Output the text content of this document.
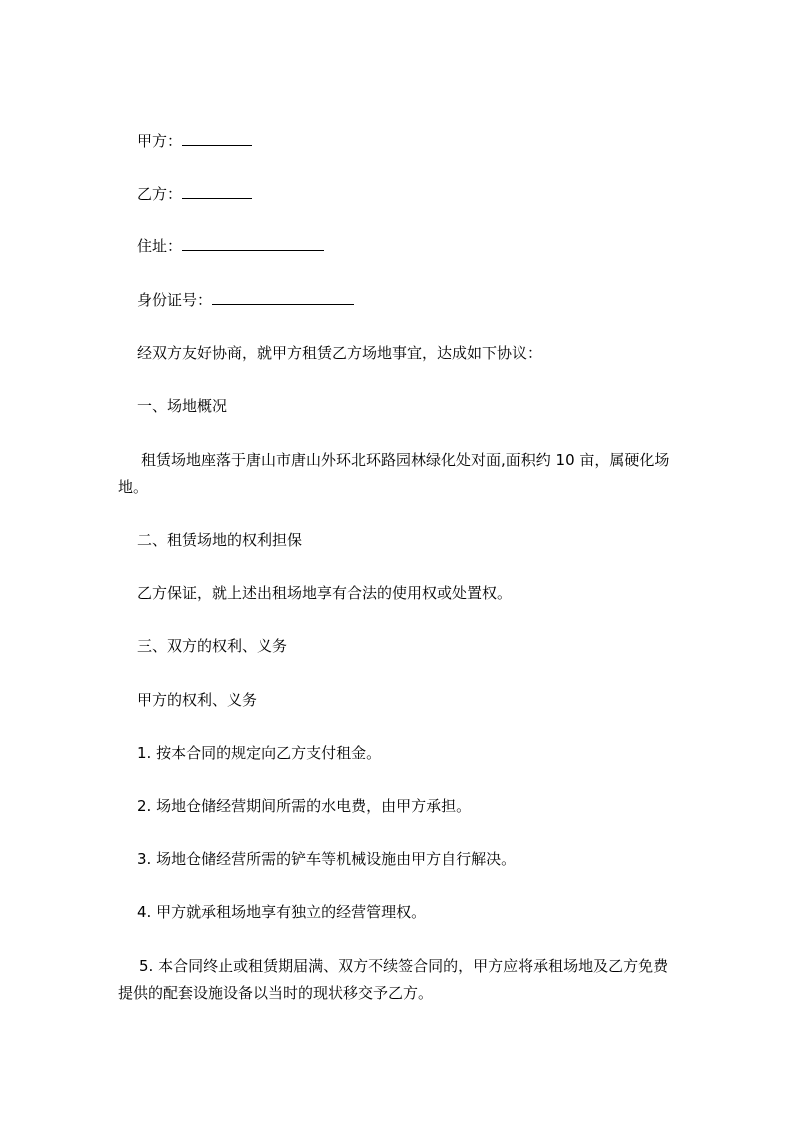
甲方：
乙方：
住址：
身份证号：
经双方友好协商，就甲方租赁乙方场地事宜，达成如下协议：
一、场地概况
租赁场地座落于唐山市唐山外环北环路园林绿化处对面,面积约 10 亩，属硬化场
地。
二、租赁场地的权利担保
乙方保证，就上述出租场地享有合法的使用权或处置权。
三、双方的权利、义务
甲方的权利、义务
1. 按本合同的规定向乙方支付租金。
2. 场地仓储经营期间所需的水电费，由甲方承担。
3. 场地仓储经营所需的铲车等机械设施由甲方自行解决。
4. 甲方就承租场地享有独立的经营管理权。
5. 本合同终止或租赁期届满、双方不续签合同的，甲方应将承租场地及乙方免费
提供的配套设施设备以当时的现状移交予乙方。
